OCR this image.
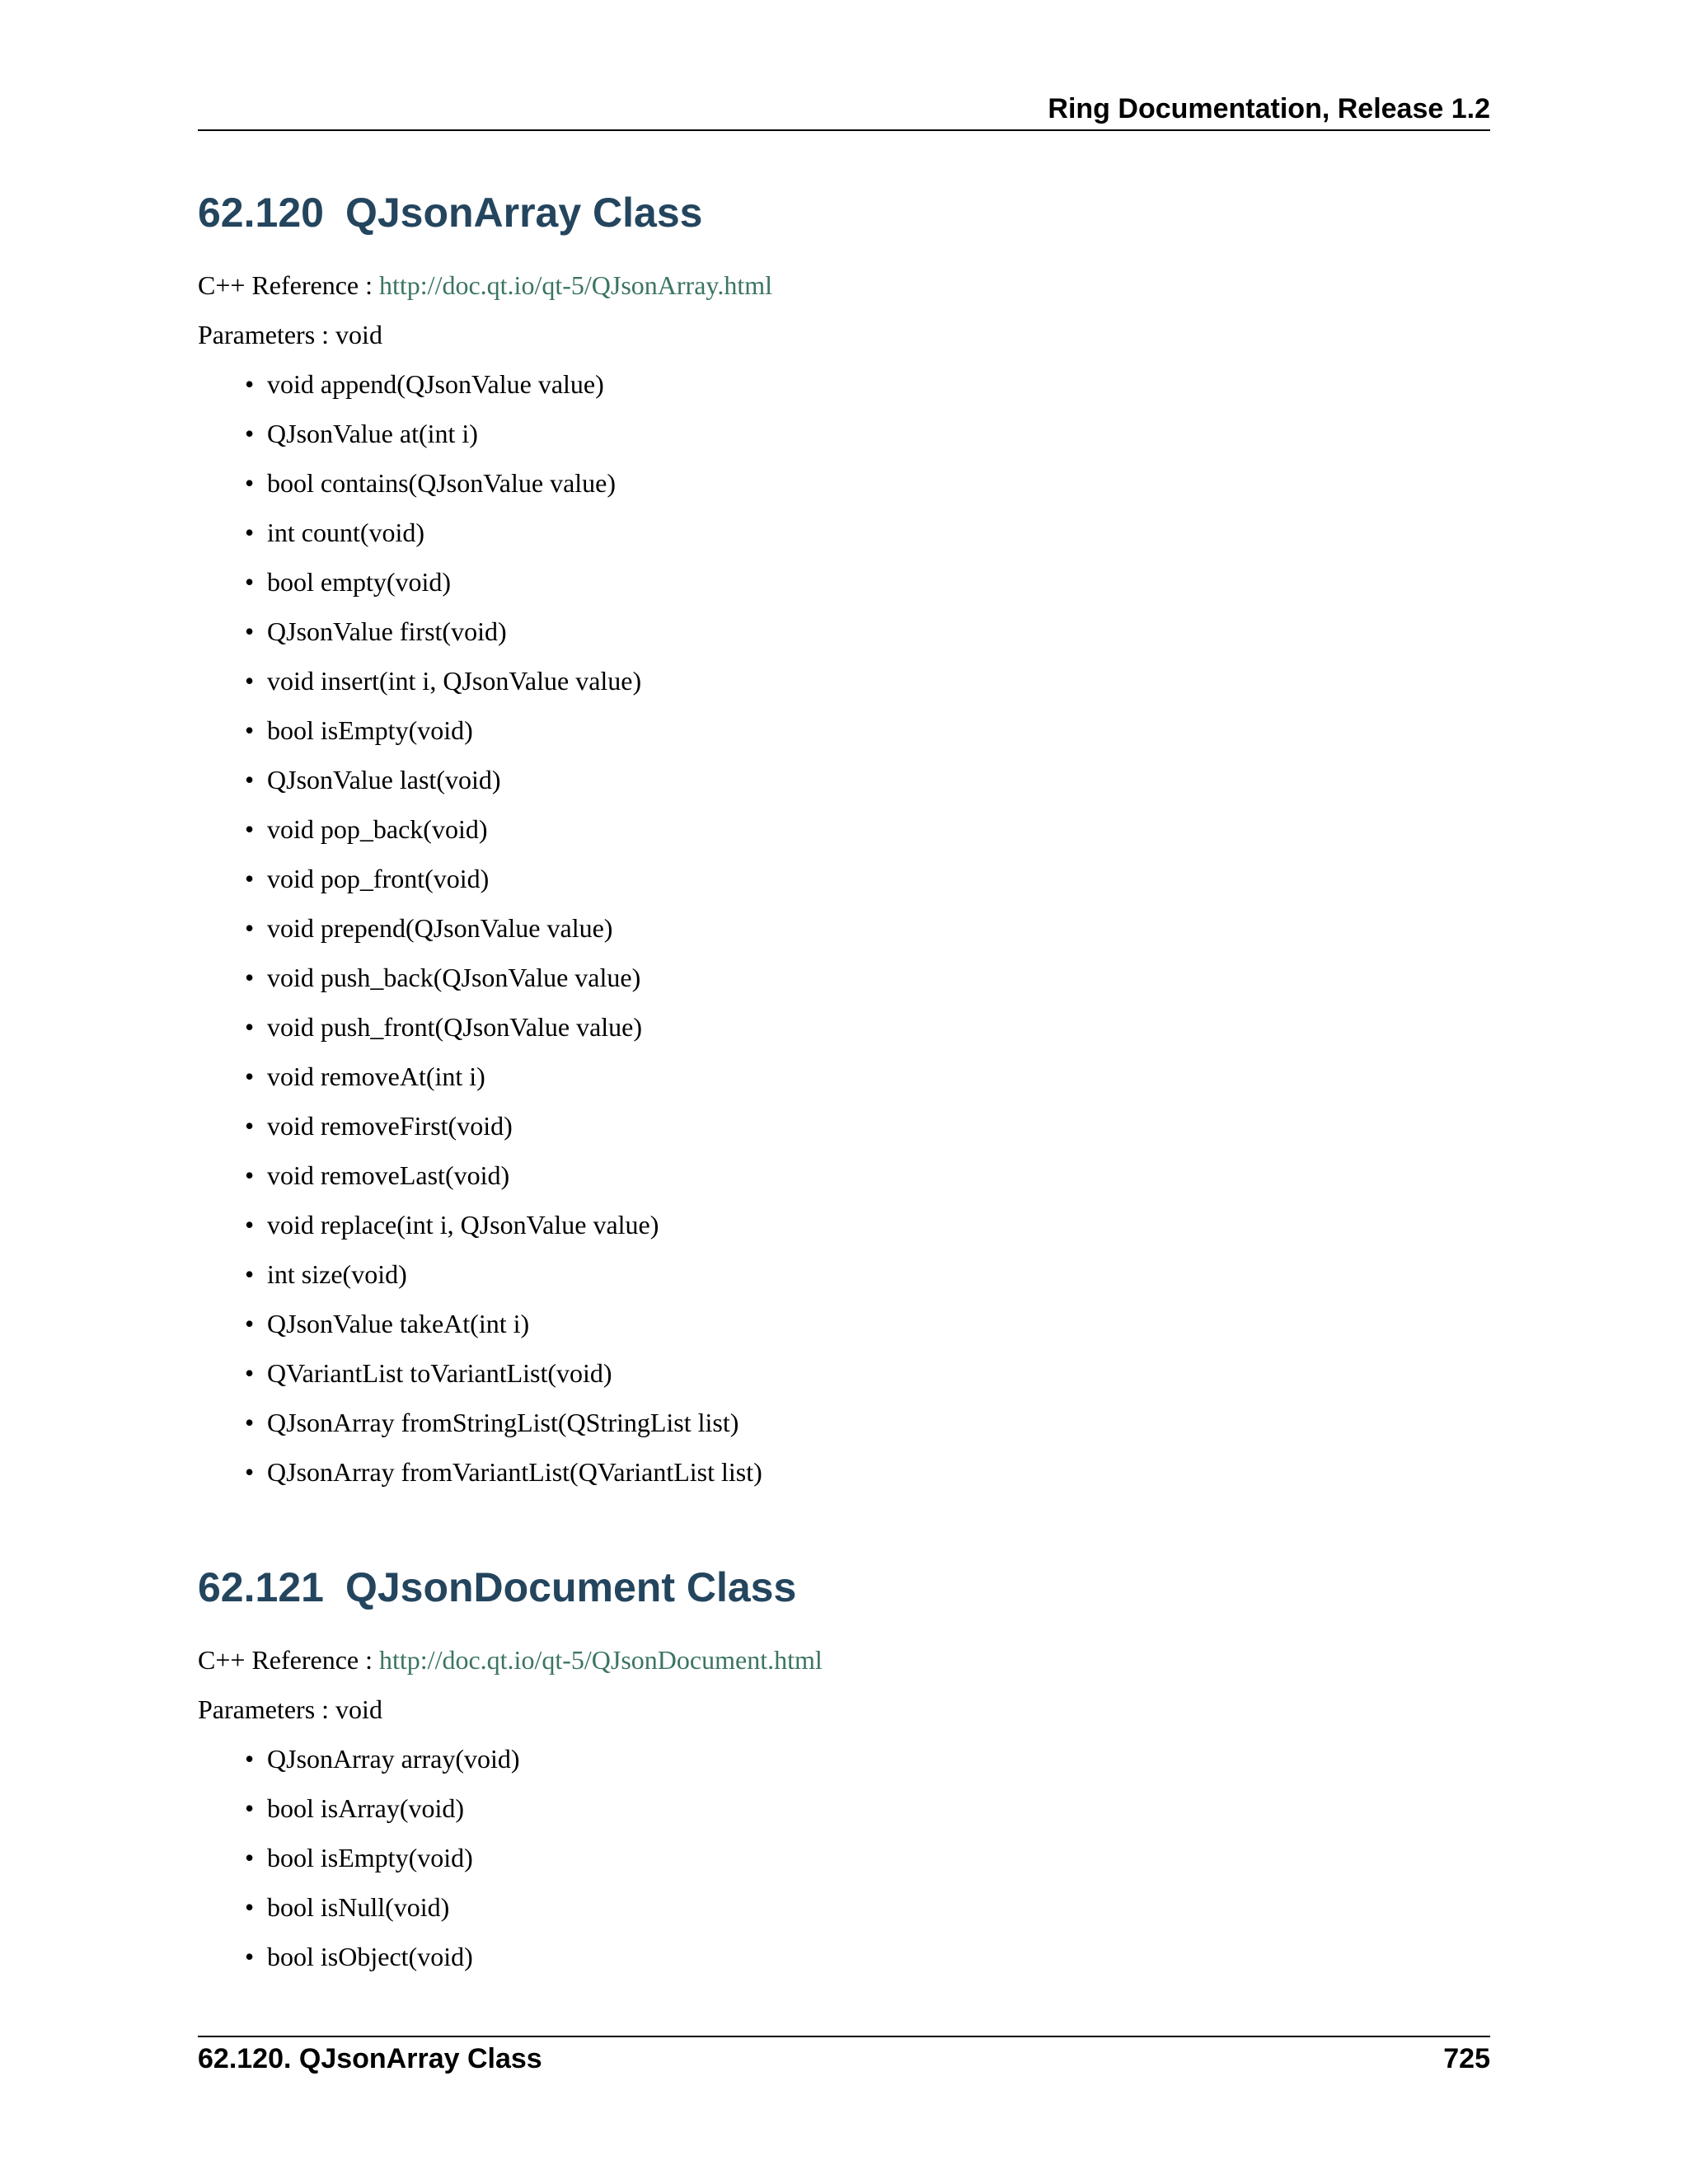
Ring Documentation, Release 1.2
62.120 QJsonArray Class

C++ Reference : http://doc.qt.io/qt-5/QJsonArray.html

Parameters : void

• void append(QJsonValue value)
• QJsonValue at(int i)
• bool contains(QJsonValue value)
• int count(void)
• bool empty(void)
• QJsonValue first(void)
• void insert(int i, QJsonValue value)
• bool isEmpty(void)
• QJsonValue last(void)
• void pop_back(void)
• void pop_front(void)
• void prepend(QJsonValue value)
• void push_back(QJsonValue value)
• void push_front(QJsonValue value)
• void removeAt(int i)
• void removeFirst(void)
• void removeLast(void)
• void replace(int i, QJsonValue value)
• int size(void)
• QJsonValue takeAt(int i)
• QVariantList toVariantList(void)
• QJsonArray fromStringList(QStringList list)
• QJsonArray fromVariantList(QVariantList list)
62.121 QJsonDocument Class

C++ Reference : http://doc.qt.io/qt-5/QJsonDocument.html

Parameters : void

• QJsonArray array(void)
• bool isArray(void)
• bool isEmpty(void)
• bool isNull(void)
• bool isObject(void)
62.120. QJsonArray Class	725
